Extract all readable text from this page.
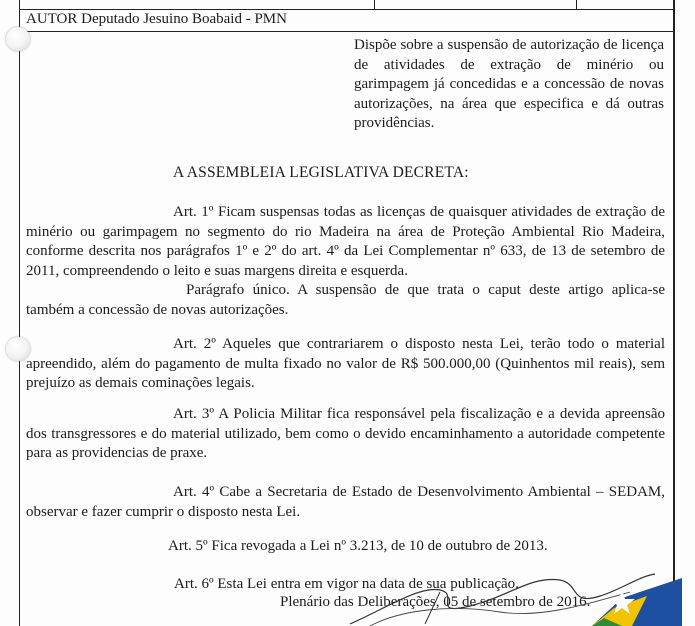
AUTOR Deputado Jesuino Boabaid - PMN
Dispõe sobre a suspensão de autorização de licença de atividades de extração de minério ou garimpagem já concedidas e a concessão de novas autorizações, na área que especifica e dá outras providências.
A ASSEMBLEIA LEGISLATIVA DECRETA:
Art. 1º Ficam suspensas todas as licenças de quaisquer atividades de extração de minério ou garimpagem no segmento do rio Madeira na área de Proteção Ambiental Rio Madeira, conforme descrita nos parágrafos 1º e 2º do art. 4º da Lei Complementar nº 633, de 13 de setembro de 2011, compreendendo o leito e suas margens direita e esquerda.
Parágrafo único. A suspensão de que trata o caput deste artigo aplica-se também a concessão de novas autorizações.
Art. 2º Aqueles que contrariarem o disposto nesta Lei, terão todo o material apreendido, além do pagamento de multa fixado no valor de R$ 500.000,00 (Quinhentos mil reais), sem prejuízo as demais cominações legais.
Art. 3º A Policia Militar fica responsável pela fiscalização e a devida apreensão dos transgressores e do material utilizado, bem como o devido encaminhamento a autoridade competente para as providencias de praxe.
Art. 4º Cabe a Secretaria de Estado de Desenvolvimento Ambiental – SEDAM, observar e fazer cumprir o disposto nesta Lei.
Art. 5º Fica revogada a Lei nº 3.213, de 10 de outubro de 2013.
Art. 6º Esta Lei entra em vigor na data de sua publicação.
Plenário das Deliberações, 05 de setembro de 2016.
